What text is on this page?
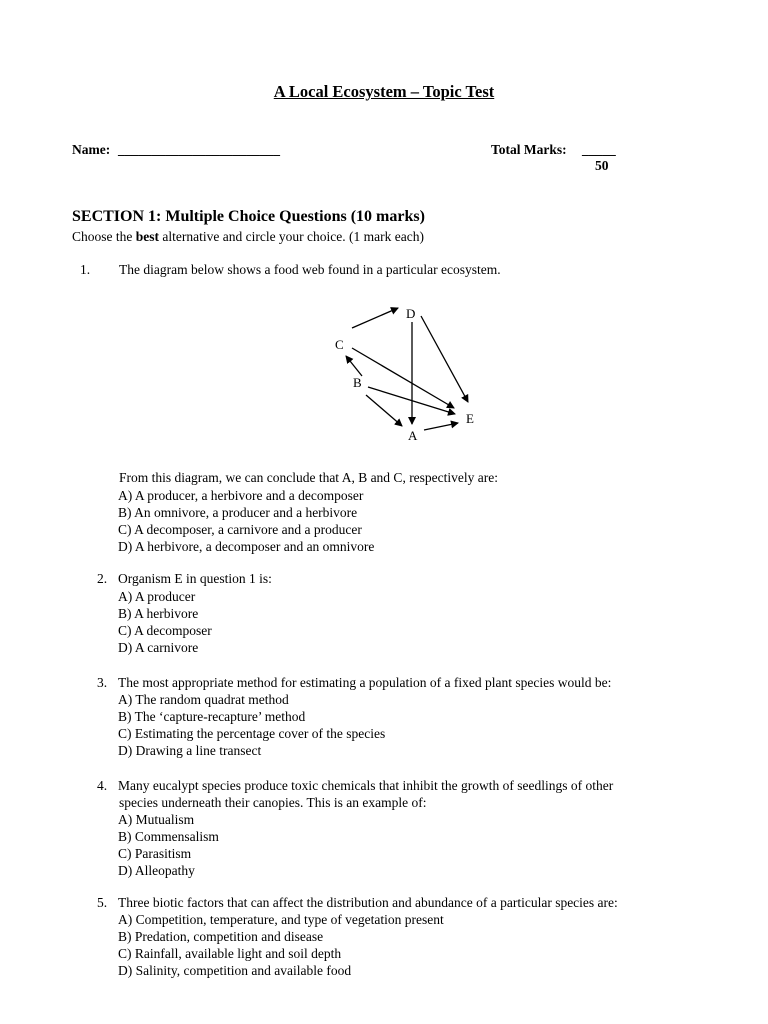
A Local Ecosystem – Topic Test
Name: ________________________	Total Marks: _____
50
SECTION 1: Multiple Choice Questions (10 marks)
Choose the best alternative and circle your choice. (1 mark each)
1. The diagram below shows a food web found in a particular ecosystem.
D
C
B
E
A
From this diagram, we can conclude that A, B and C, respectively are:
A) A producer, a herbivore and a decomposer
B) An omnivore, a producer and a herbivore
C) A decomposer, a carnivore and a producer
D) A herbivore, a decomposer and an omnivore
2. Organism E in question 1 is:
A) A producer
B) A herbivore
C) A decomposer
D) A carnivore
3. The most appropriate method for estimating a population of a fixed plant species would be:
A) The random quadrat method
B) The ‘capture-recapture’ method
C) Estimating the percentage cover of the species
D) Drawing a line transect
4. Many eucalypt species produce toxic chemicals that inhibit the growth of seedlings of other
species underneath their canopies. This is an example of:
A) Mutualism
B) Commensalism
C) Parasitism
D) Alleopathy
5. Three biotic factors that can affect the distribution and abundance of a particular species are:
A) Competition, temperature, and type of vegetation present
B) Predation, competition and disease
C) Rainfall, available light and soil depth
D) Salinity, competition and available food
